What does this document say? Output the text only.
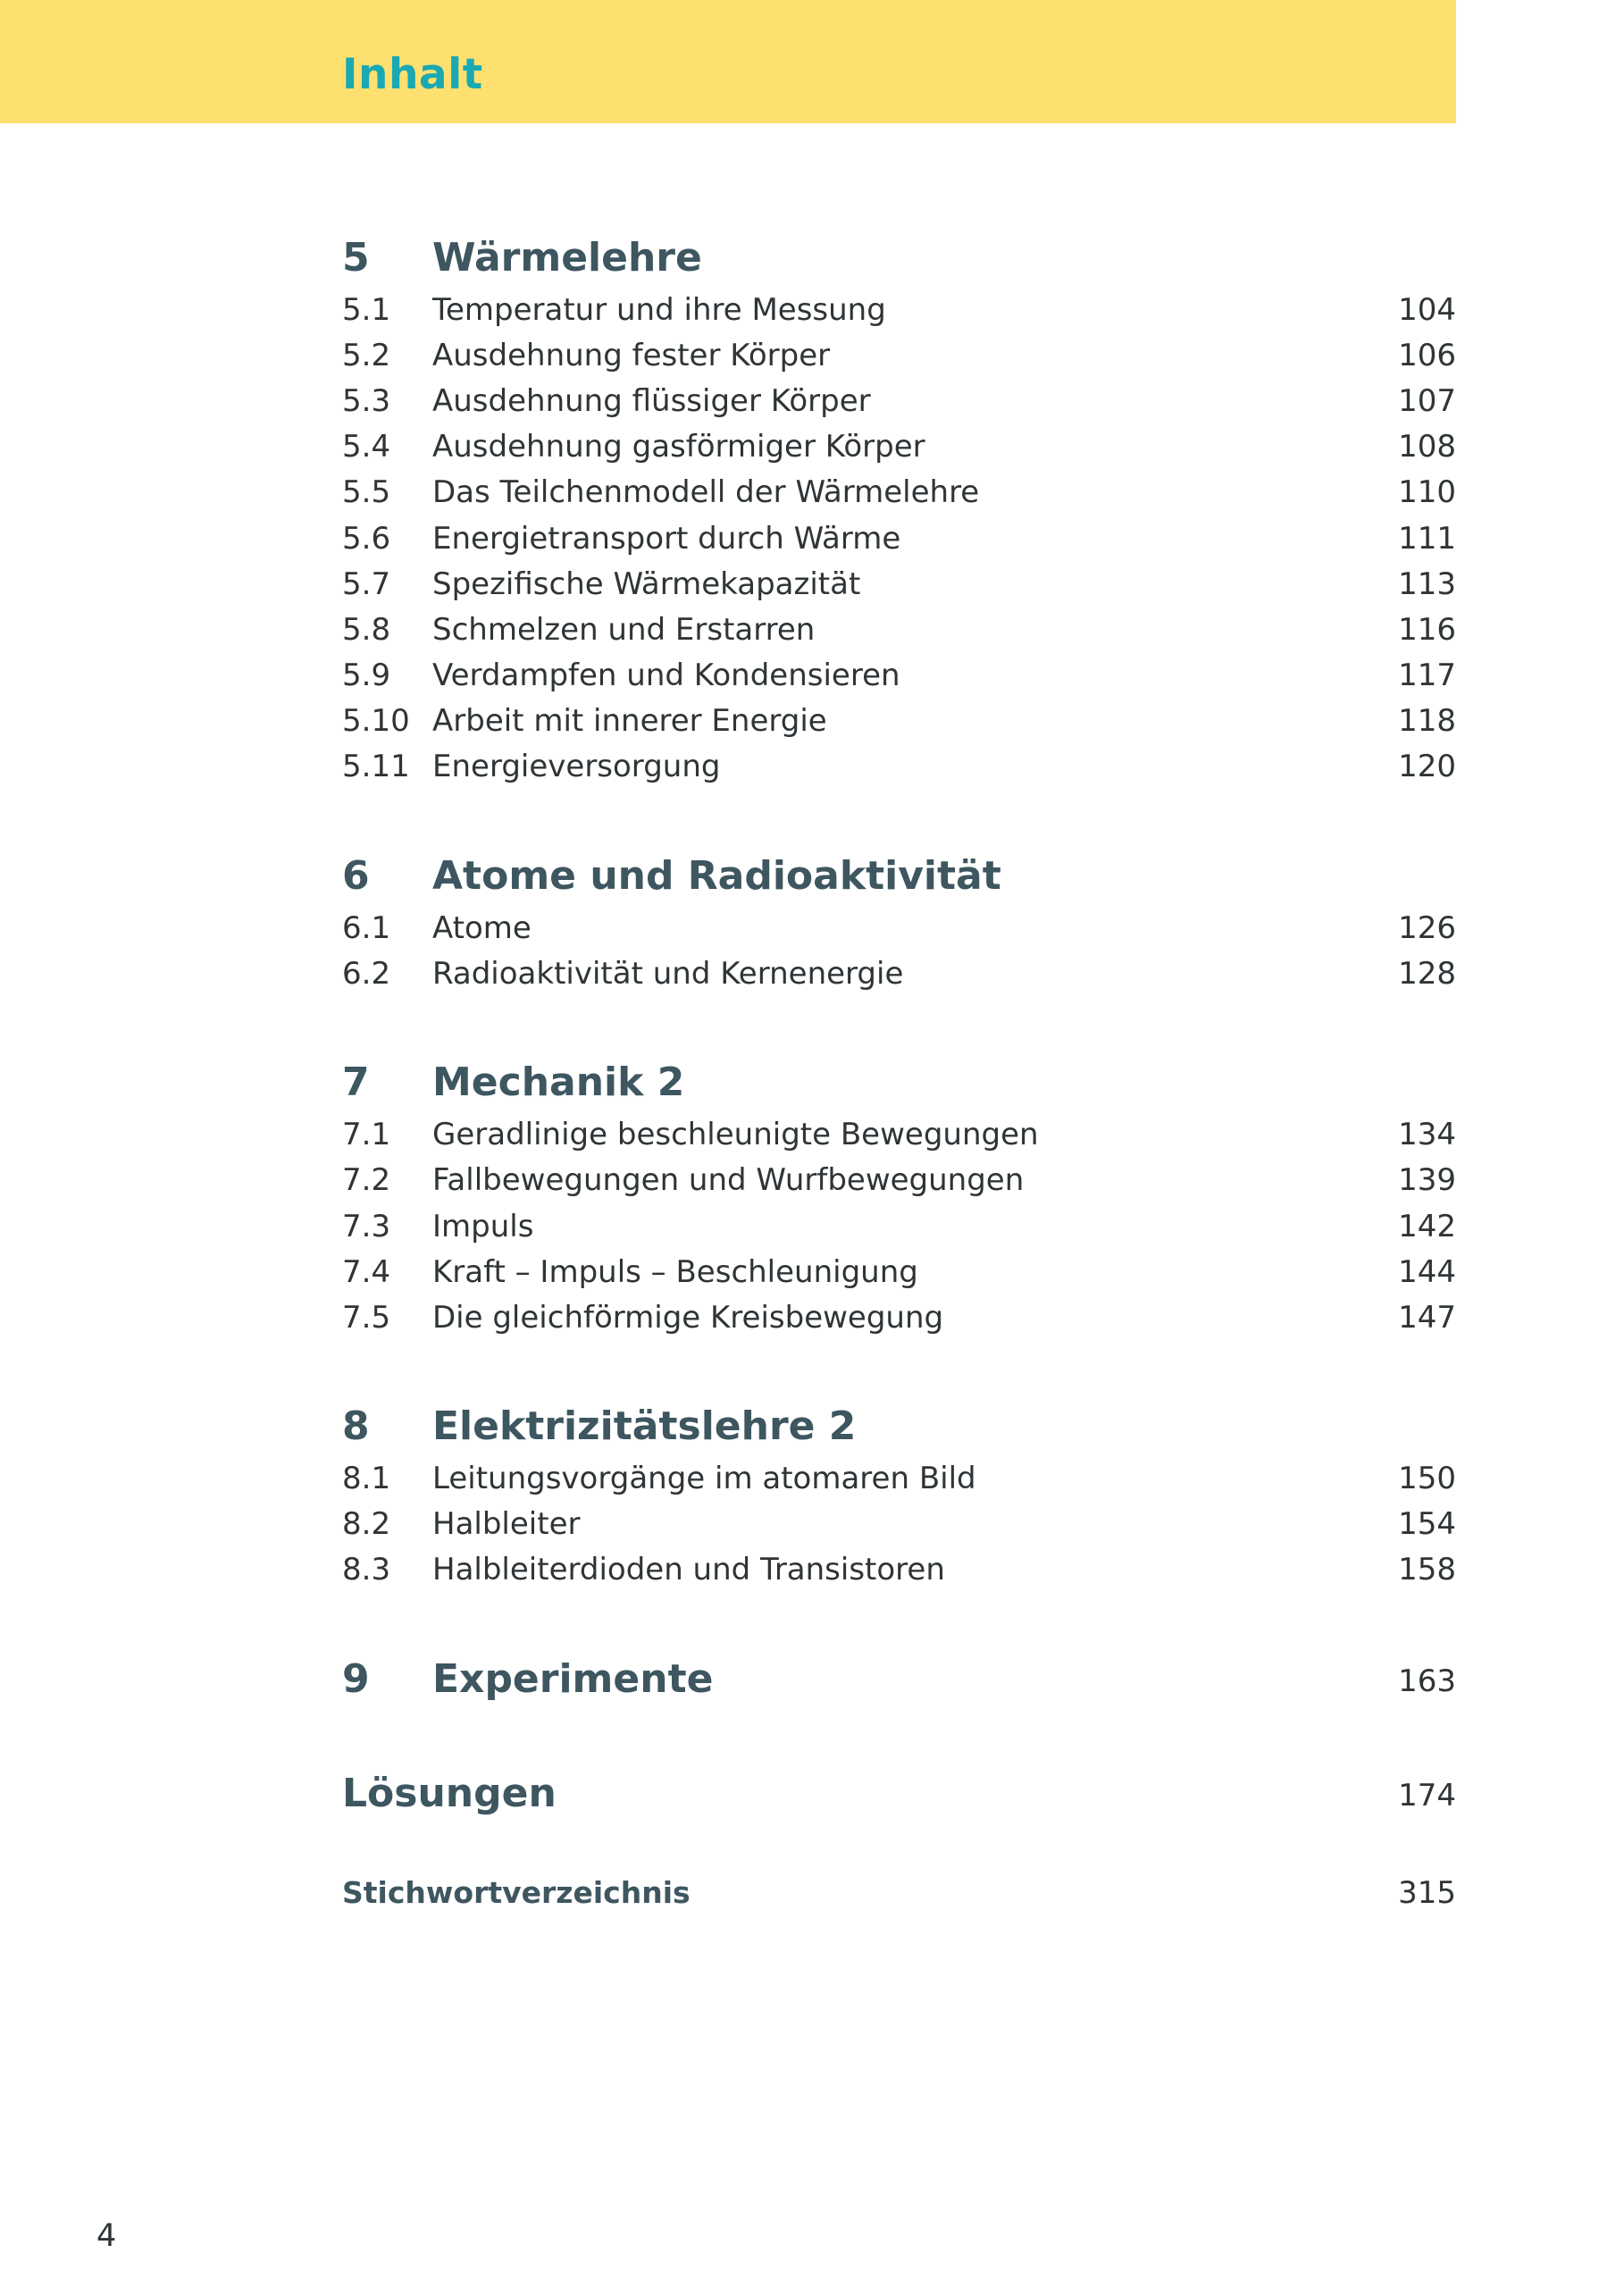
Inhalt
5 Wärmelehre
5.1 Temperatur und ihre Messung	104
5.2 Ausdehnung fester Körper	106
5.3 Ausdehnung flüssiger Körper	107
5.4 Ausdehnung gasförmiger Körper	108
5.5 Das Teilchenmodell der Wärmelehre	110
5.6 Energietransport durch Wärme	111
5.7 Spezifische Wärmekapazität	113
5.8 Schmelzen und Erstarren	116
5.9 Verdampfen und Kondensieren	117
5.10 Arbeit mit innerer Energie	118
5.11 Energieversorgung	120
6 Atome und Radioaktivität
6.1 Atome	126
6.2 Radioaktivität und Kernenergie	128
7 Mechanik 2
7.1 Geradlinige beschleunigte Bewegungen	134
7.2 Fallbewegungen und Wurfbewegungen	139
7.3 Impuls	142
7.4 Kraft – Impuls – Beschleunigung	144
7.5 Die gleichförmige Kreisbewegung	147
8 Elektrizitätslehre 2
8.1 Leitungsvorgänge im atomaren Bild	150
8.2 Halbleiter	154
8.3 Halbleiterdioden und Transistoren	158
9 Experimente	163
Lösungen	174
Stichwortverzeichnis	315
4
